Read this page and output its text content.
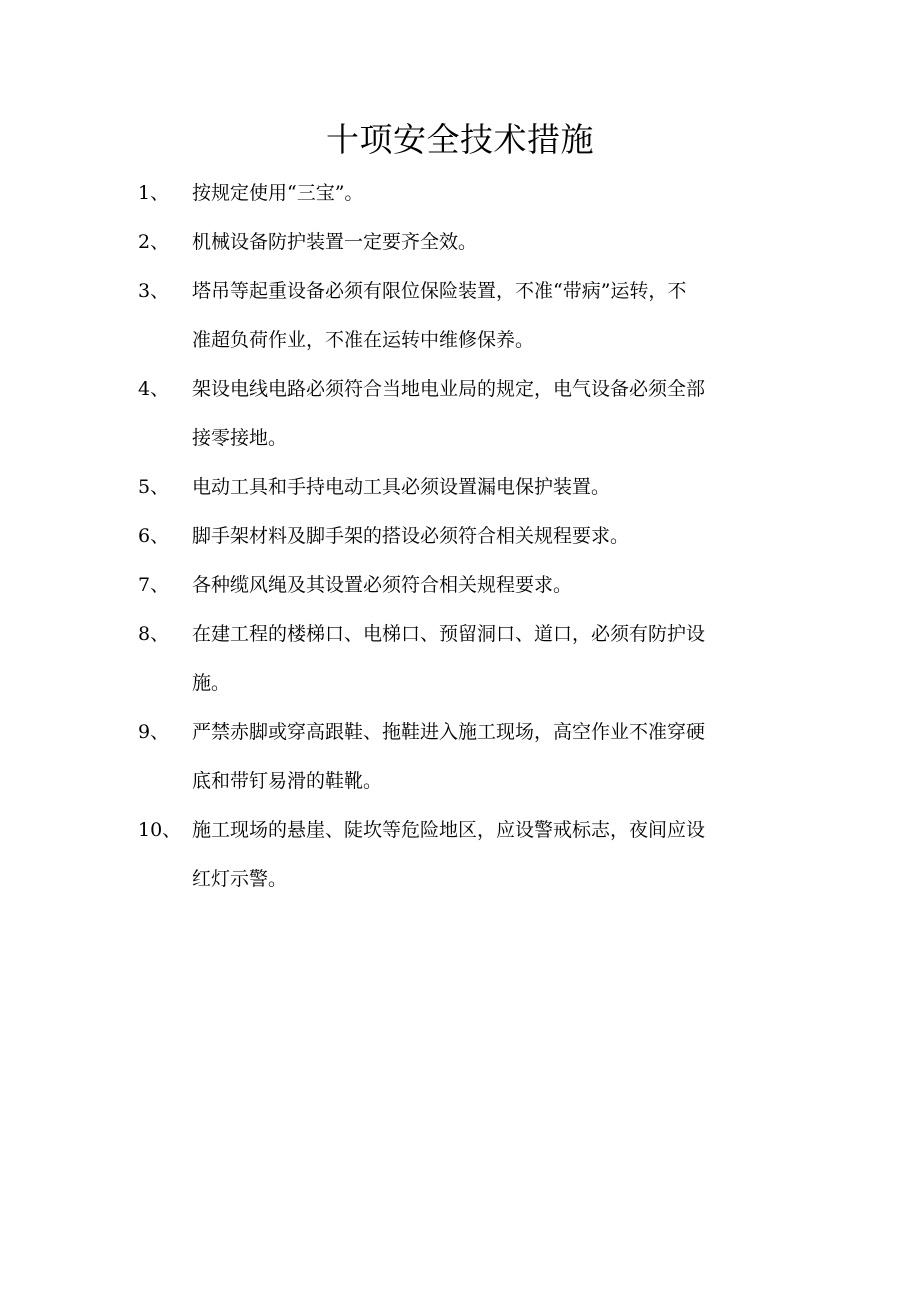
十项安全技术措施
1、	按规定使用“三宝”。
2、	机械设备防护装置一定要齐全效。
3、	塔吊等起重设备必须有限位保险装置，不准“带病”运转，不
准超负荷作业，不准在运转中维修保养。
4、	架设电线电路必须符合当地电业局的规定，电气设备必须全部
接零接地。
5、	电动工具和手持电动工具必须设置漏电保护装置。
6、	脚手架材料及脚手架的搭设必须符合相关规程要求。
7、	各种缆风绳及其设置必须符合相关规程要求。
8、	在建工程的楼梯口、电梯口、预留洞口、道口，必须有防护设
施。
9、	严禁赤脚或穿高跟鞋、拖鞋进入施工现场，高空作业不准穿硬
底和带钉易滑的鞋靴。
10、 施工现场的悬崖、陡坎等危险地区，应设警戒标志，夜间应设
红灯示警。
